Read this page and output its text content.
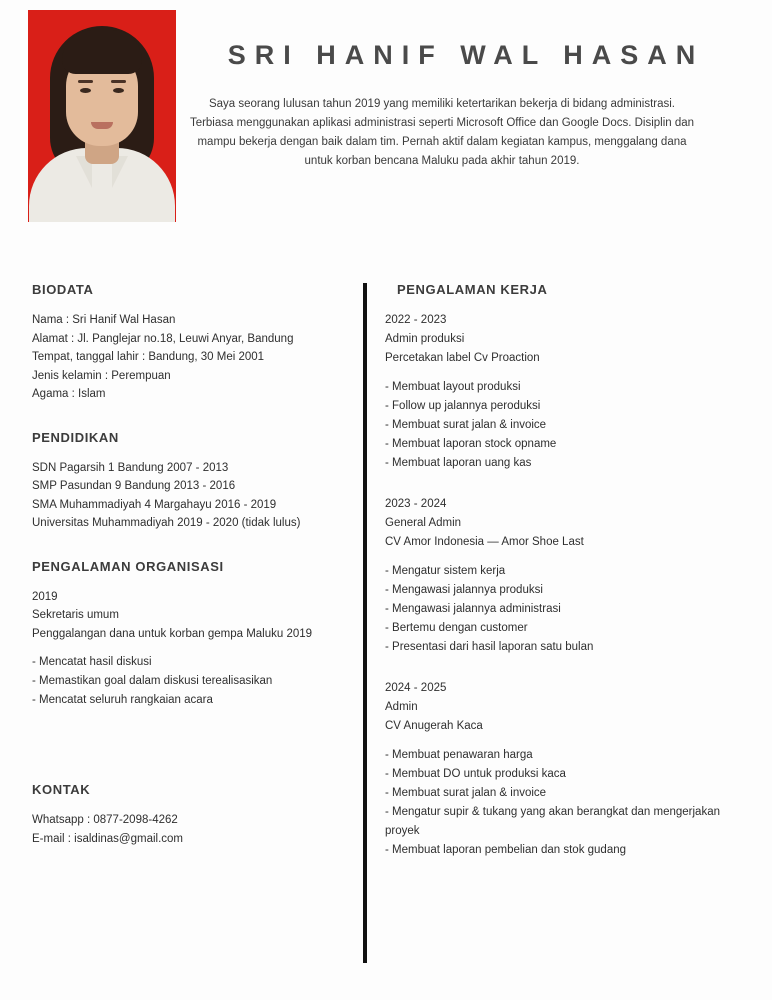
SRI HANIF WAL HASAN
Saya seorang lulusan tahun 2019 yang memiliki ketertarikan bekerja di bidang administrasi. Terbiasa menggunakan aplikasi administrasi seperti Microsoft Office dan Google Docs. Disiplin dan mampu bekerja dengan baik dalam tim. Pernah aktif dalam kegiatan kampus, menggalang dana untuk korban bencana Maluku pada akhir tahun 2019.
BIODATA
Nama : Sri Hanif Wal Hasan
Alamat : Jl. Panglejar no.18, Leuwi Anyar, Bandung
Tempat, tanggal lahir : Bandung, 30 Mei 2001
Jenis kelamin : Perempuan
Agama : Islam
PENDIDIKAN
SDN Pagarsih 1 Bandung 2007 - 2013
SMP Pasundan 9 Bandung 2013 - 2016
SMA Muhammadiyah 4 Margahayu 2016 - 2019
Universitas Muhammadiyah 2019 - 2020 (tidak lulus)
PENGALAMAN ORGANISASI
2019
Sekretaris umum
Penggalangan dana untuk korban gempa Maluku 2019
- Mencatat hasil diskusi
- Memastikan goal dalam diskusi terealisasikan
- Mencatat seluruh rangkaian acara
KONTAK
Whatsapp : 0877-2098-4262
E-mail : isaldinas@gmail.com
PENGALAMAN KERJA
2022 - 2023
Admin produksi
Percetakan label Cv Proaction
- Membuat layout produksi
- Follow up jalannya peroduksi
- Membuat surat jalan & invoice
- Membuat laporan stock opname
- Membuat laporan uang kas
2023 - 2024
General Admin
CV Amor Indonesia — Amor Shoe Last
- Mengatur sistem kerja
- Mengawasi jalannya produksi
- Mengawasi jalannya administrasi
- Bertemu dengan customer
- Presentasi dari hasil laporan satu bulan
2024 - 2025
Admin
CV Anugerah Kaca
- Membuat penawaran harga
- Membuat DO untuk produksi kaca
- Membuat surat jalan & invoice
- Mengatur supir & tukang yang akan berangkat dan mengerjakan proyek
- Membuat laporan pembelian dan stok gudang
